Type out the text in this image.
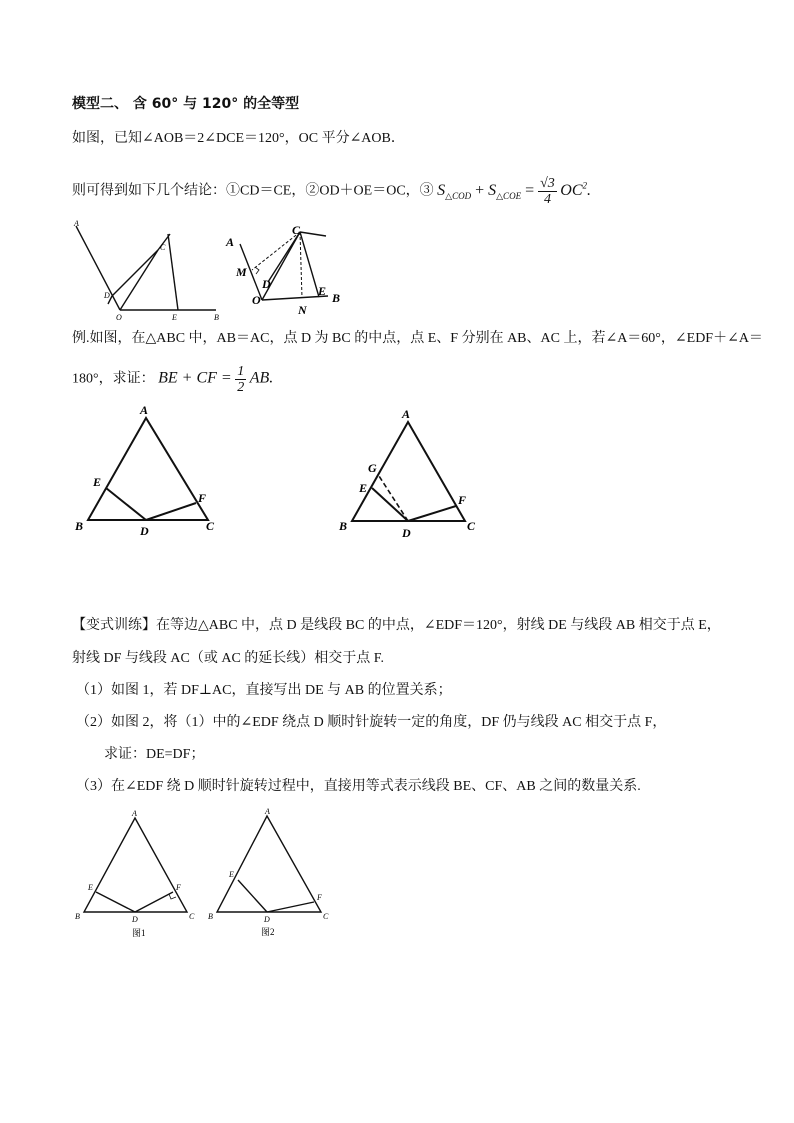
模型二、 含 60° 与 120° 的全等型
如图，已知∠AOB＝2∠DCE＝120°，OC 平分∠AOB．
则可得到如下几个结论：①CD＝CE，②OD＋OE＝OC，③ $S_{\triangle COD} + S_{\triangle COE} = \frac{√3}{4} OC^2$.
A
C
D
O	E	B
A
C
M
D
O
N
E B
例.如图，在△ABC 中，AB＝AC，点 D 为 BC 的中点，点 E、F 分别在 AB、AC 上，若∠A＝60°，∠EDF＋∠A＝
180°，求证： BE + CF = $\frac{1}{2}$ AB.
A
E
F
B	D	C
A
G
E
F
B	D	C
【变式训练】在等边△ABC 中，点 D 是线段 BC 的中点，∠EDF＝120°，射线 DE 与线段 AB 相交于点 E，
射线 DF 与线段 AC（或 AC 的延长线）相交于点 F.
（1）如图 1，若 DF⊥AC，直接写出 DE 与 AB 的位置关系；
（2）如图 2，将（1）中的∠EDF 绕点 D 顺时针旋转一定的角度，DF 仍与线段 AC 相交于点 F，
求证：DE=DF；
（3）在∠EDF 绕 D 顺时针旋转过程中，直接用等式表示线段 BE、CF、AB 之间的数量关系.
A
E	F
B	D	C
图1
A
E
F
B	D	C
图2
